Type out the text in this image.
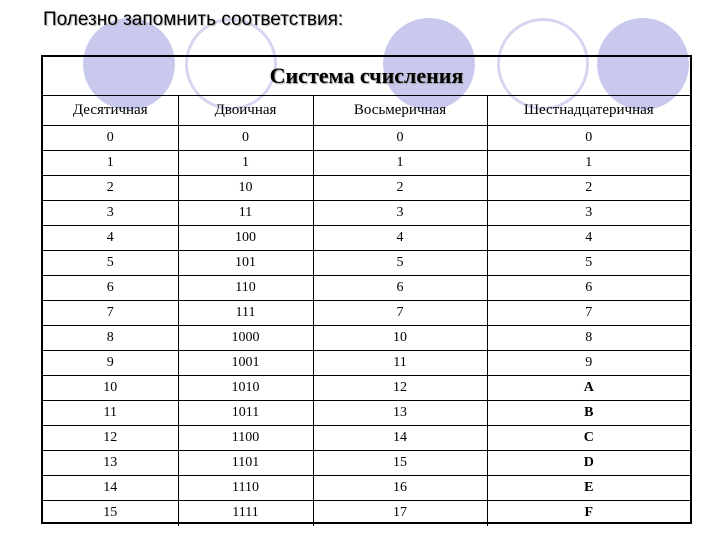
Полезно запомнить соответствия:
Система счисления
Десятичная	Двоичная	Восьмеричная	Шестнадцатеричная
0	0	0	0
1	1	1	1
2	10	2	2
3	11	3	3
4	100	4	4
5	101	5	5
6	110	6	6
7	111	7	7
8	1000	10	8
9	1001	11	9
10	1010	12	A
11	1011	13	B
12	1100	14	C
13	1101	15	D
14	1110	16	E
15	1111	17	F
